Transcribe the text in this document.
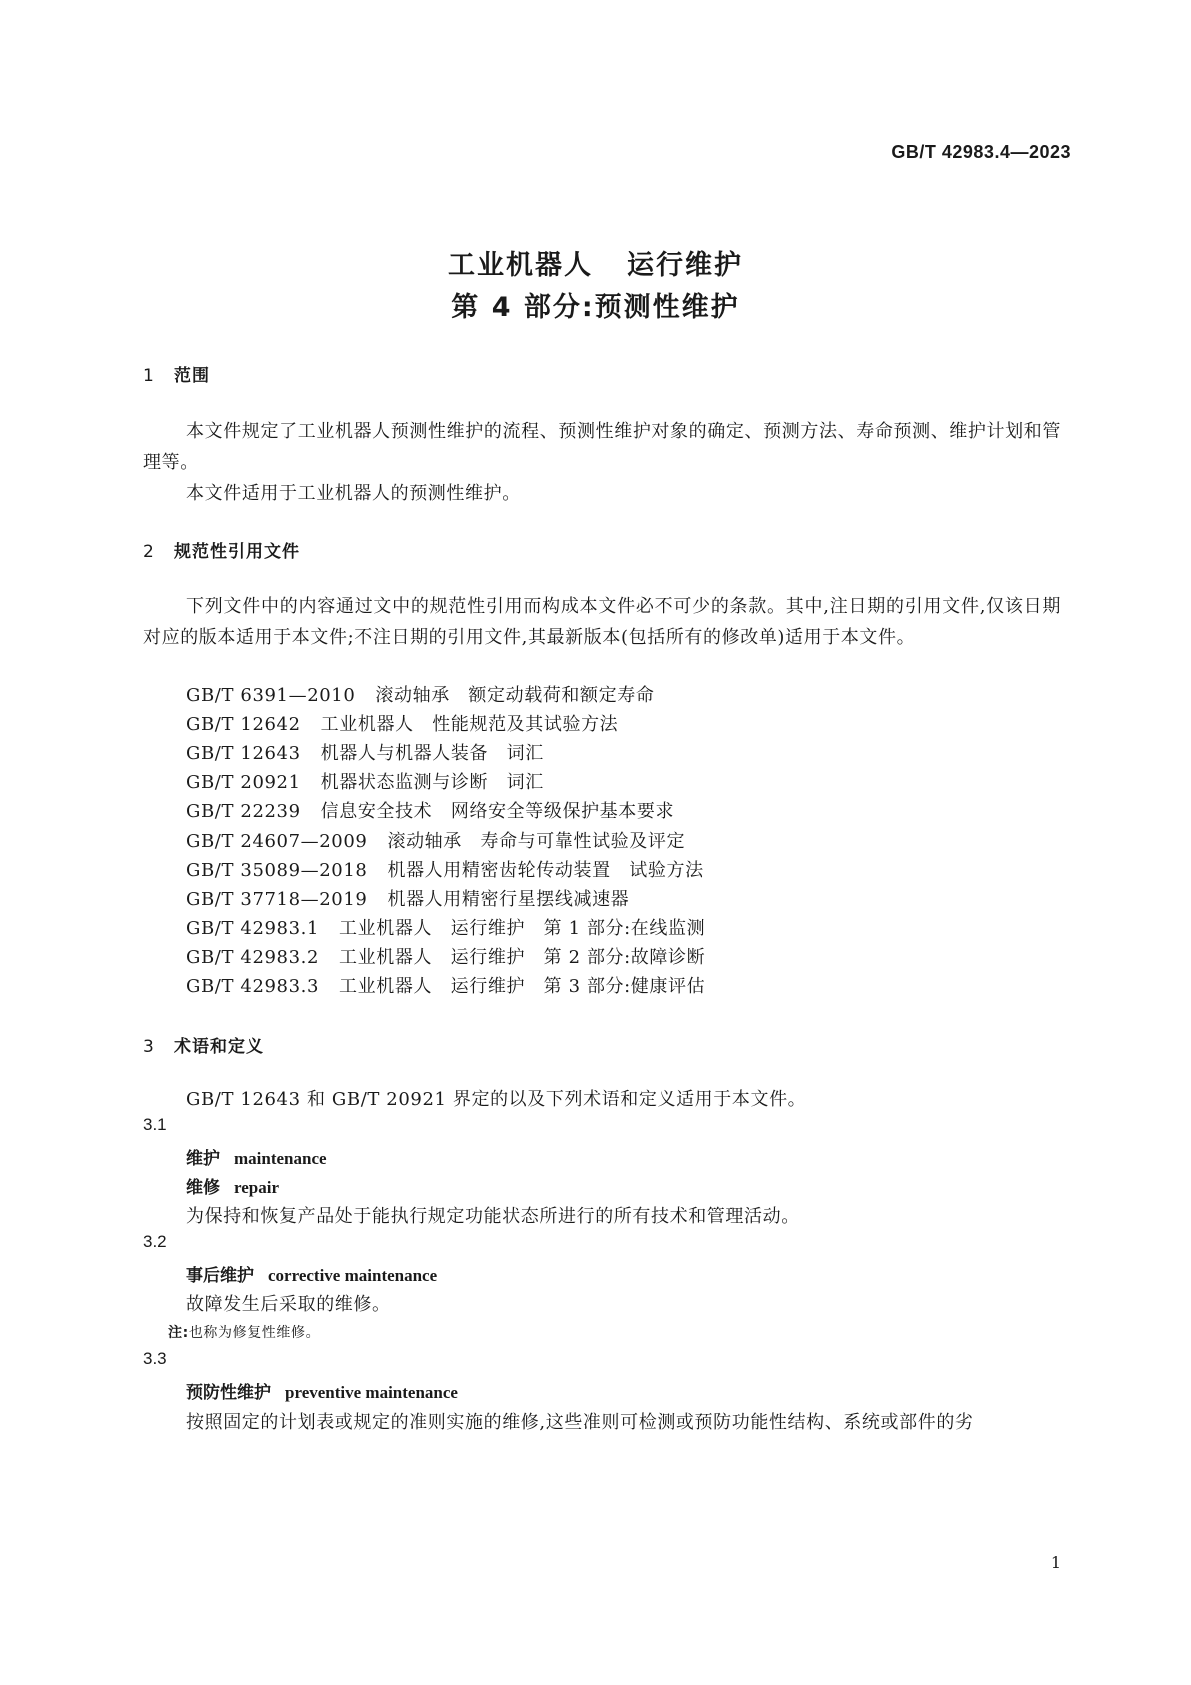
GB/T 42983.4—2023
工业机器人 运行维护
第 4 部分:预测性维护
1 范围
本文件规定了工业机器人预测性维护的流程、预测性维护对象的确定、预测方法、寿命预测、维护计划和管理等。
本文件适用于工业机器人的预测性维护。
2 规范性引用文件
下列文件中的内容通过文中的规范性引用而构成本文件必不可少的条款。其中,注日期的引用文件,仅该日期对应的版本适用于本文件;不注日期的引用文件,其最新版本(包括所有的修改单)适用于本文件。
GB/T 6391—2010 滚动轴承　额定动载荷和额定寿命
GB/T 12642 工业机器人　性能规范及其试验方法
GB/T 12643 机器人与机器人装备　词汇
GB/T 20921 机器状态监测与诊断　词汇
GB/T 22239 信息安全技术　网络安全等级保护基本要求
GB/T 24607—2009 滚动轴承　寿命与可靠性试验及评定
GB/T 35089—2018 机器人用精密齿轮传动装置　试验方法
GB/T 37718—2019 机器人用精密行星摆线减速器
GB/T 42983.1 工业机器人　运行维护　第 1 部分:在线监测
GB/T 42983.2 工业机器人　运行维护　第 2 部分:故障诊断
GB/T 42983.3 工业机器人　运行维护　第 3 部分:健康评估
3 术语和定义
GB/T 12643 和 GB/T 20921 界定的以及下列术语和定义适用于本文件。
3.1
维护 maintenance
维修 repair
为保持和恢复产品处于能执行规定功能状态所进行的所有技术和管理活动。
3.2
事后维护 corrective maintenance
故障发生后采取的维修。
注:也称为修复性维修。
3.3
预防性维护 preventive maintenance
按照固定的计划表或规定的准则实施的维修,这些准则可检测或预防功能性结构、系统或部件的劣
1
